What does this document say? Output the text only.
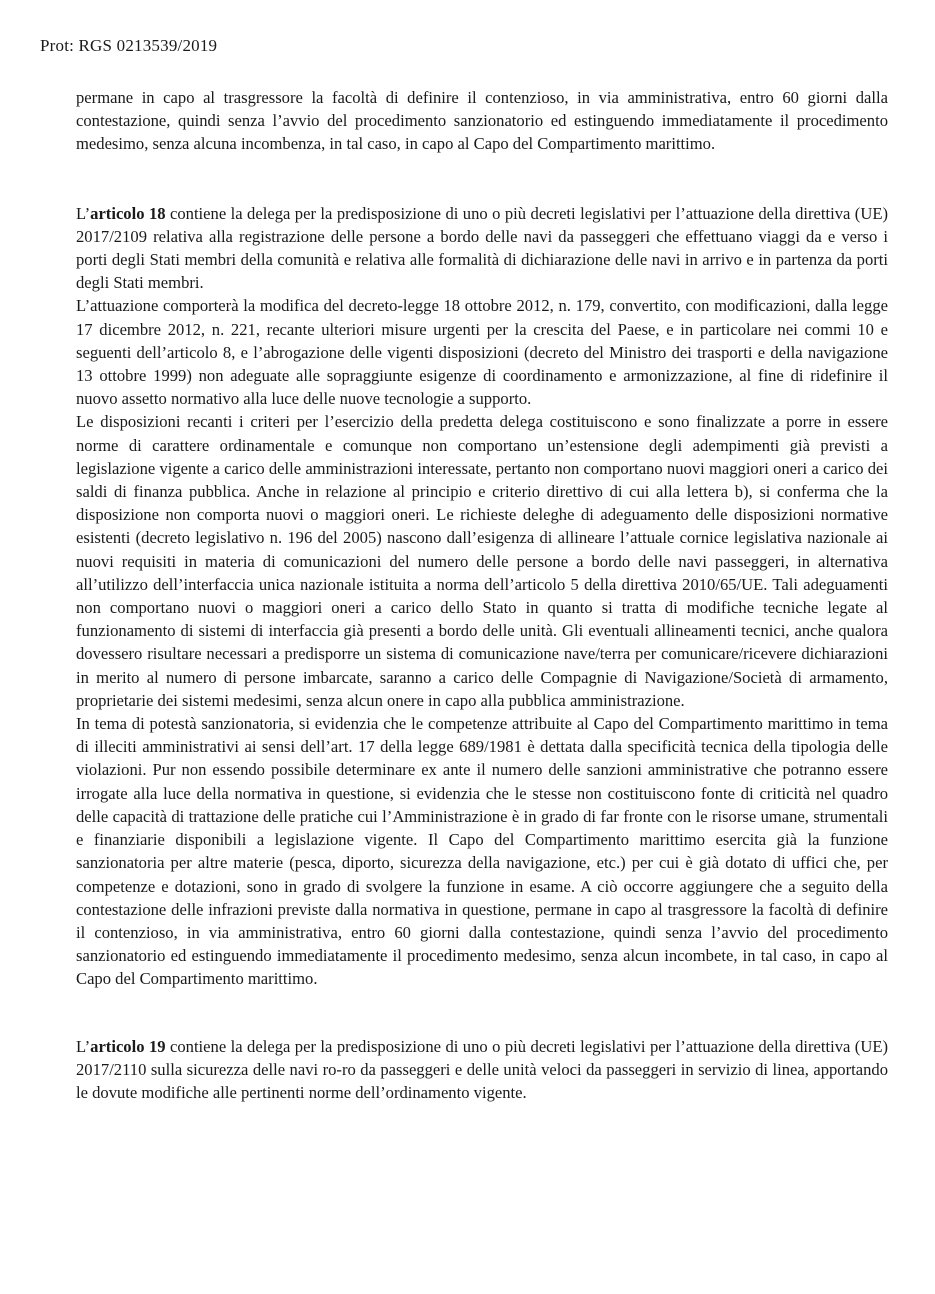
Prot: RGS 0213539/2019

permane in capo al trasgressore la facoltà di definire il contenzioso, in via amministrativa, entro 60 giorni dalla contestazione, quindi senza l’avvio del procedimento sanzionatorio ed estinguendo immediatamente il procedimento medesimo, senza alcuna incombenza, in tal caso, in capo al Capo del Compartimento marittimo.

L’articolo 18 contiene la delega per la predisposizione di uno o più decreti legislativi per l’attuazione della direttiva (UE) 2017/2109 relativa alla registrazione delle persone a bordo delle navi da passeggeri che effettuano viaggi da e verso i porti degli Stati membri della comunità e relativa alle formalità di dichiarazione delle navi in arrivo e in partenza da porti degli Stati membri.

L’attuazione comporterà la modifica del decreto-legge 18 ottobre 2012, n. 179, convertito, con modificazioni, dalla legge 17 dicembre 2012, n. 221, recante ulteriori misure urgenti per la crescita del Paese, e in particolare nei commi 10 e seguenti dell’articolo 8, e l’abrogazione delle vigenti disposizioni (decreto del Ministro dei trasporti e della navigazione 13 ottobre 1999) non adeguate alle sopraggiunte esigenze di coordinamento e armonizzazione, al fine di ridefinire il nuovo assetto normativo alla luce delle nuove tecnologie a supporto.

Le disposizioni recanti i criteri per l’esercizio della predetta delega costituiscono e sono finalizzate a porre in essere norme di carattere ordinamentale e comunque non comportano un’estensione degli adempimenti già previsti a legislazione vigente a carico delle amministrazioni interessate, pertanto non comportano nuovi maggiori oneri a carico dei saldi di finanza pubblica. Anche in relazione al principio e criterio direttivo di cui alla lettera b), si conferma che la disposizione non comporta nuovi o maggiori oneri. Le richieste deleghe di adeguamento delle disposizioni normative esistenti (decreto legislativo n. 196 del 2005) nascono dall’esigenza di allineare l’attuale cornice legislativa nazionale ai nuovi requisiti in materia di comunicazioni del numero delle persone a bordo delle navi passeggeri, in alternativa all’utilizzo dell’interfaccia unica nazionale istituita a norma dell’articolo 5 della direttiva 2010/65/UE. Tali adeguamenti non comportano nuovi o maggiori oneri a carico dello Stato in quanto si tratta di modifiche tecniche legate al funzionamento di sistemi di interfaccia già presenti a bordo delle unità. Gli eventuali allineamenti tecnici, anche qualora dovessero risultare necessari a predisporre un sistema di comunicazione nave/terra per comunicare/ricevere dichiarazioni in merito al numero di persone imbarcate, saranno a carico delle Compagnie di Navigazione/Società di armamento, proprietarie dei sistemi medesimi, senza alcun onere in capo alla pubblica amministrazione.

In tema di potestà sanzionatoria, si evidenzia che le competenze attribuite al Capo del Compartimento marittimo in tema di illeciti amministrativi ai sensi dell’art. 17 della legge 689/1981 è dettata dalla specificità tecnica della tipologia delle violazioni. Pur non essendo possibile determinare ex ante il numero delle sanzioni amministrative che potranno essere irrogate alla luce della normativa in questione, si evidenzia che le stesse non costituiscono fonte di criticità nel quadro delle capacità di trattazione delle pratiche cui l’Amministrazione è in grado di far fronte con le risorse umane, strumentali e finanziarie disponibili a legislazione vigente. Il Capo del Compartimento marittimo esercita già la funzione sanzionatoria per altre materie (pesca, diporto, sicurezza della navigazione, etc.) per cui è già dotato di uffici che, per competenze e dotazioni, sono in grado di svolgere la funzione in esame. A ciò occorre aggiungere che a seguito della contestazione delle infrazioni previste dalla normativa in questione, permane in capo al trasgressore la facoltà di definire il contenzioso, in via amministrativa, entro 60 giorni dalla contestazione, quindi senza l’avvio del procedimento sanzionatorio ed estinguendo immediatamente il procedimento medesimo, senza alcun incombete, in tal caso, in capo al Capo del Compartimento marittimo.

L’articolo 19 contiene la delega per la predisposizione di uno o più decreti legislativi per l’attuazione della direttiva (UE) 2017/2110 sulla sicurezza delle navi ro-ro da passeggeri e delle unità veloci da passeggeri in servizio di linea, apportando le dovute modifiche alle pertinenti norme dell’ordinamento vigente.
